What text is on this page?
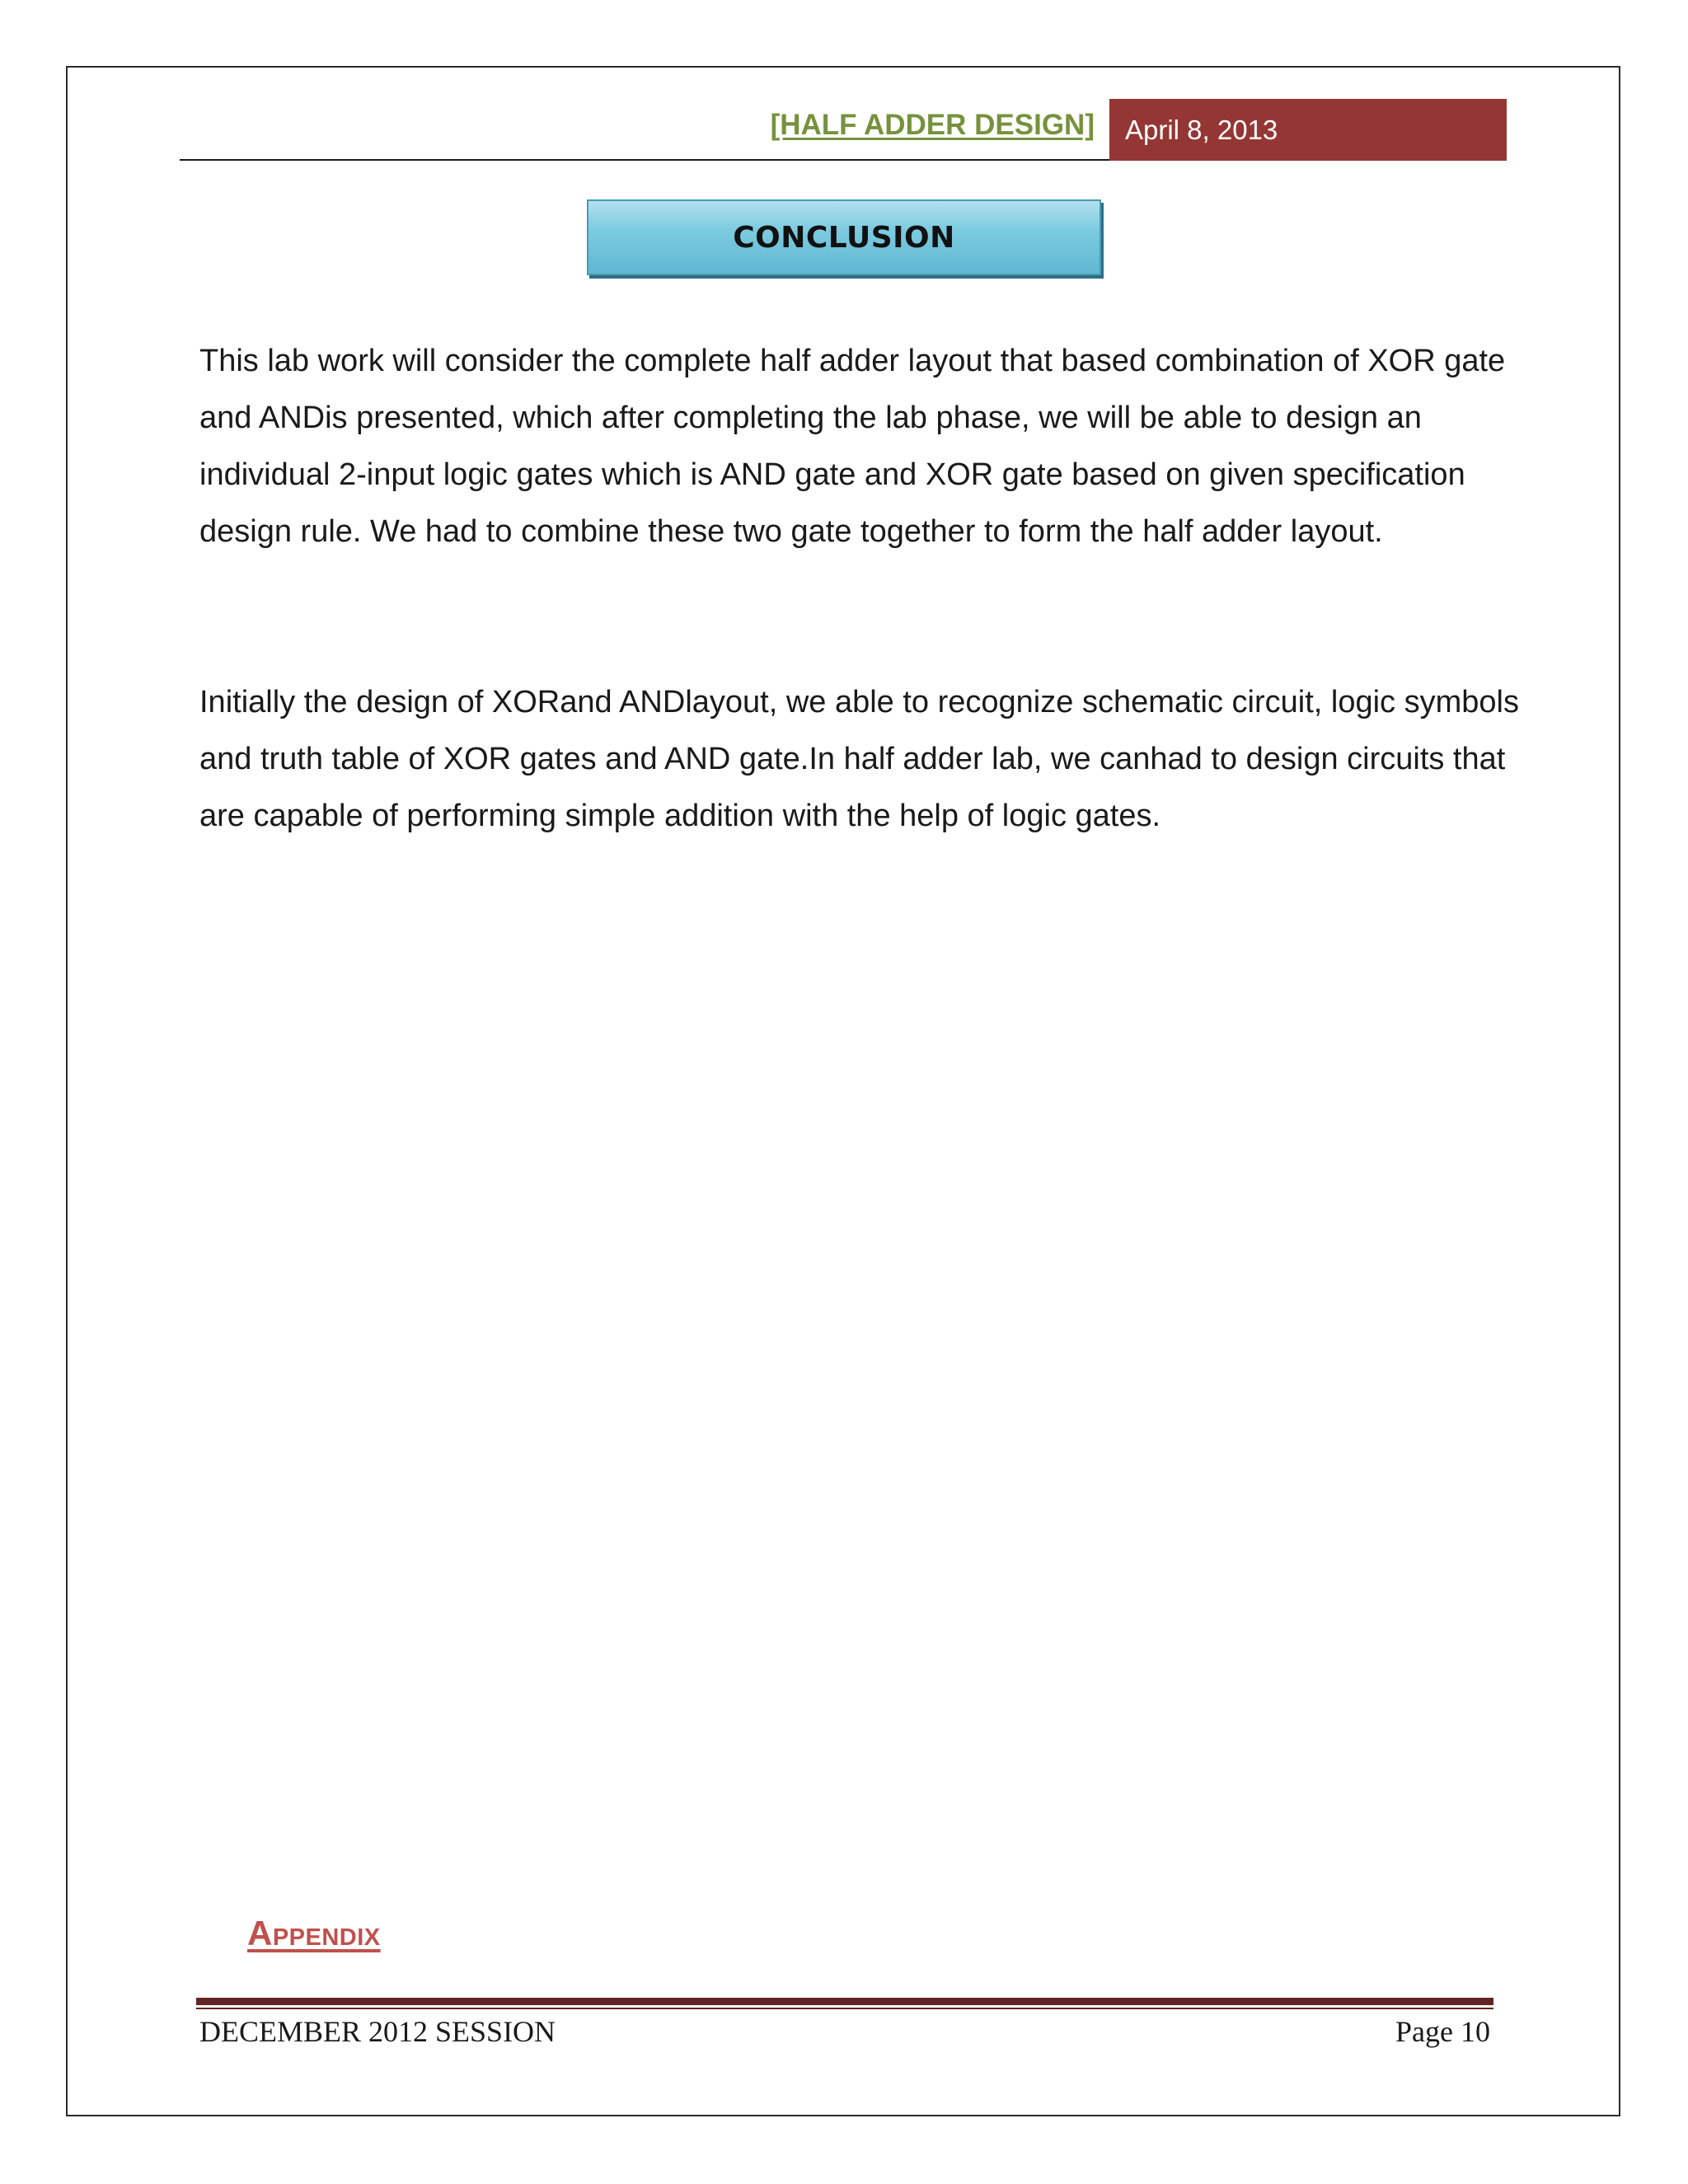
[HALF ADDER DESIGN] April 8, 2013
CONCLUSION

This lab work will consider the complete half adder layout that based combination of XOR gate and ANDis presented, which after completing the lab phase, we will be able to design an individual 2-input logic gates which is AND gate and XOR gate based on given specification design rule. We had to combine these two gate together to form the half adder layout.

Initially the design of XORand ANDlayout, we able to recognize schematic circuit, logic symbols and truth table of XOR gates and AND gate.In half adder lab, we canhad to design circuits that are capable of performing simple addition with the help of logic gates.

Appendix
DECEMBER 2012 SESSION	Page 10
